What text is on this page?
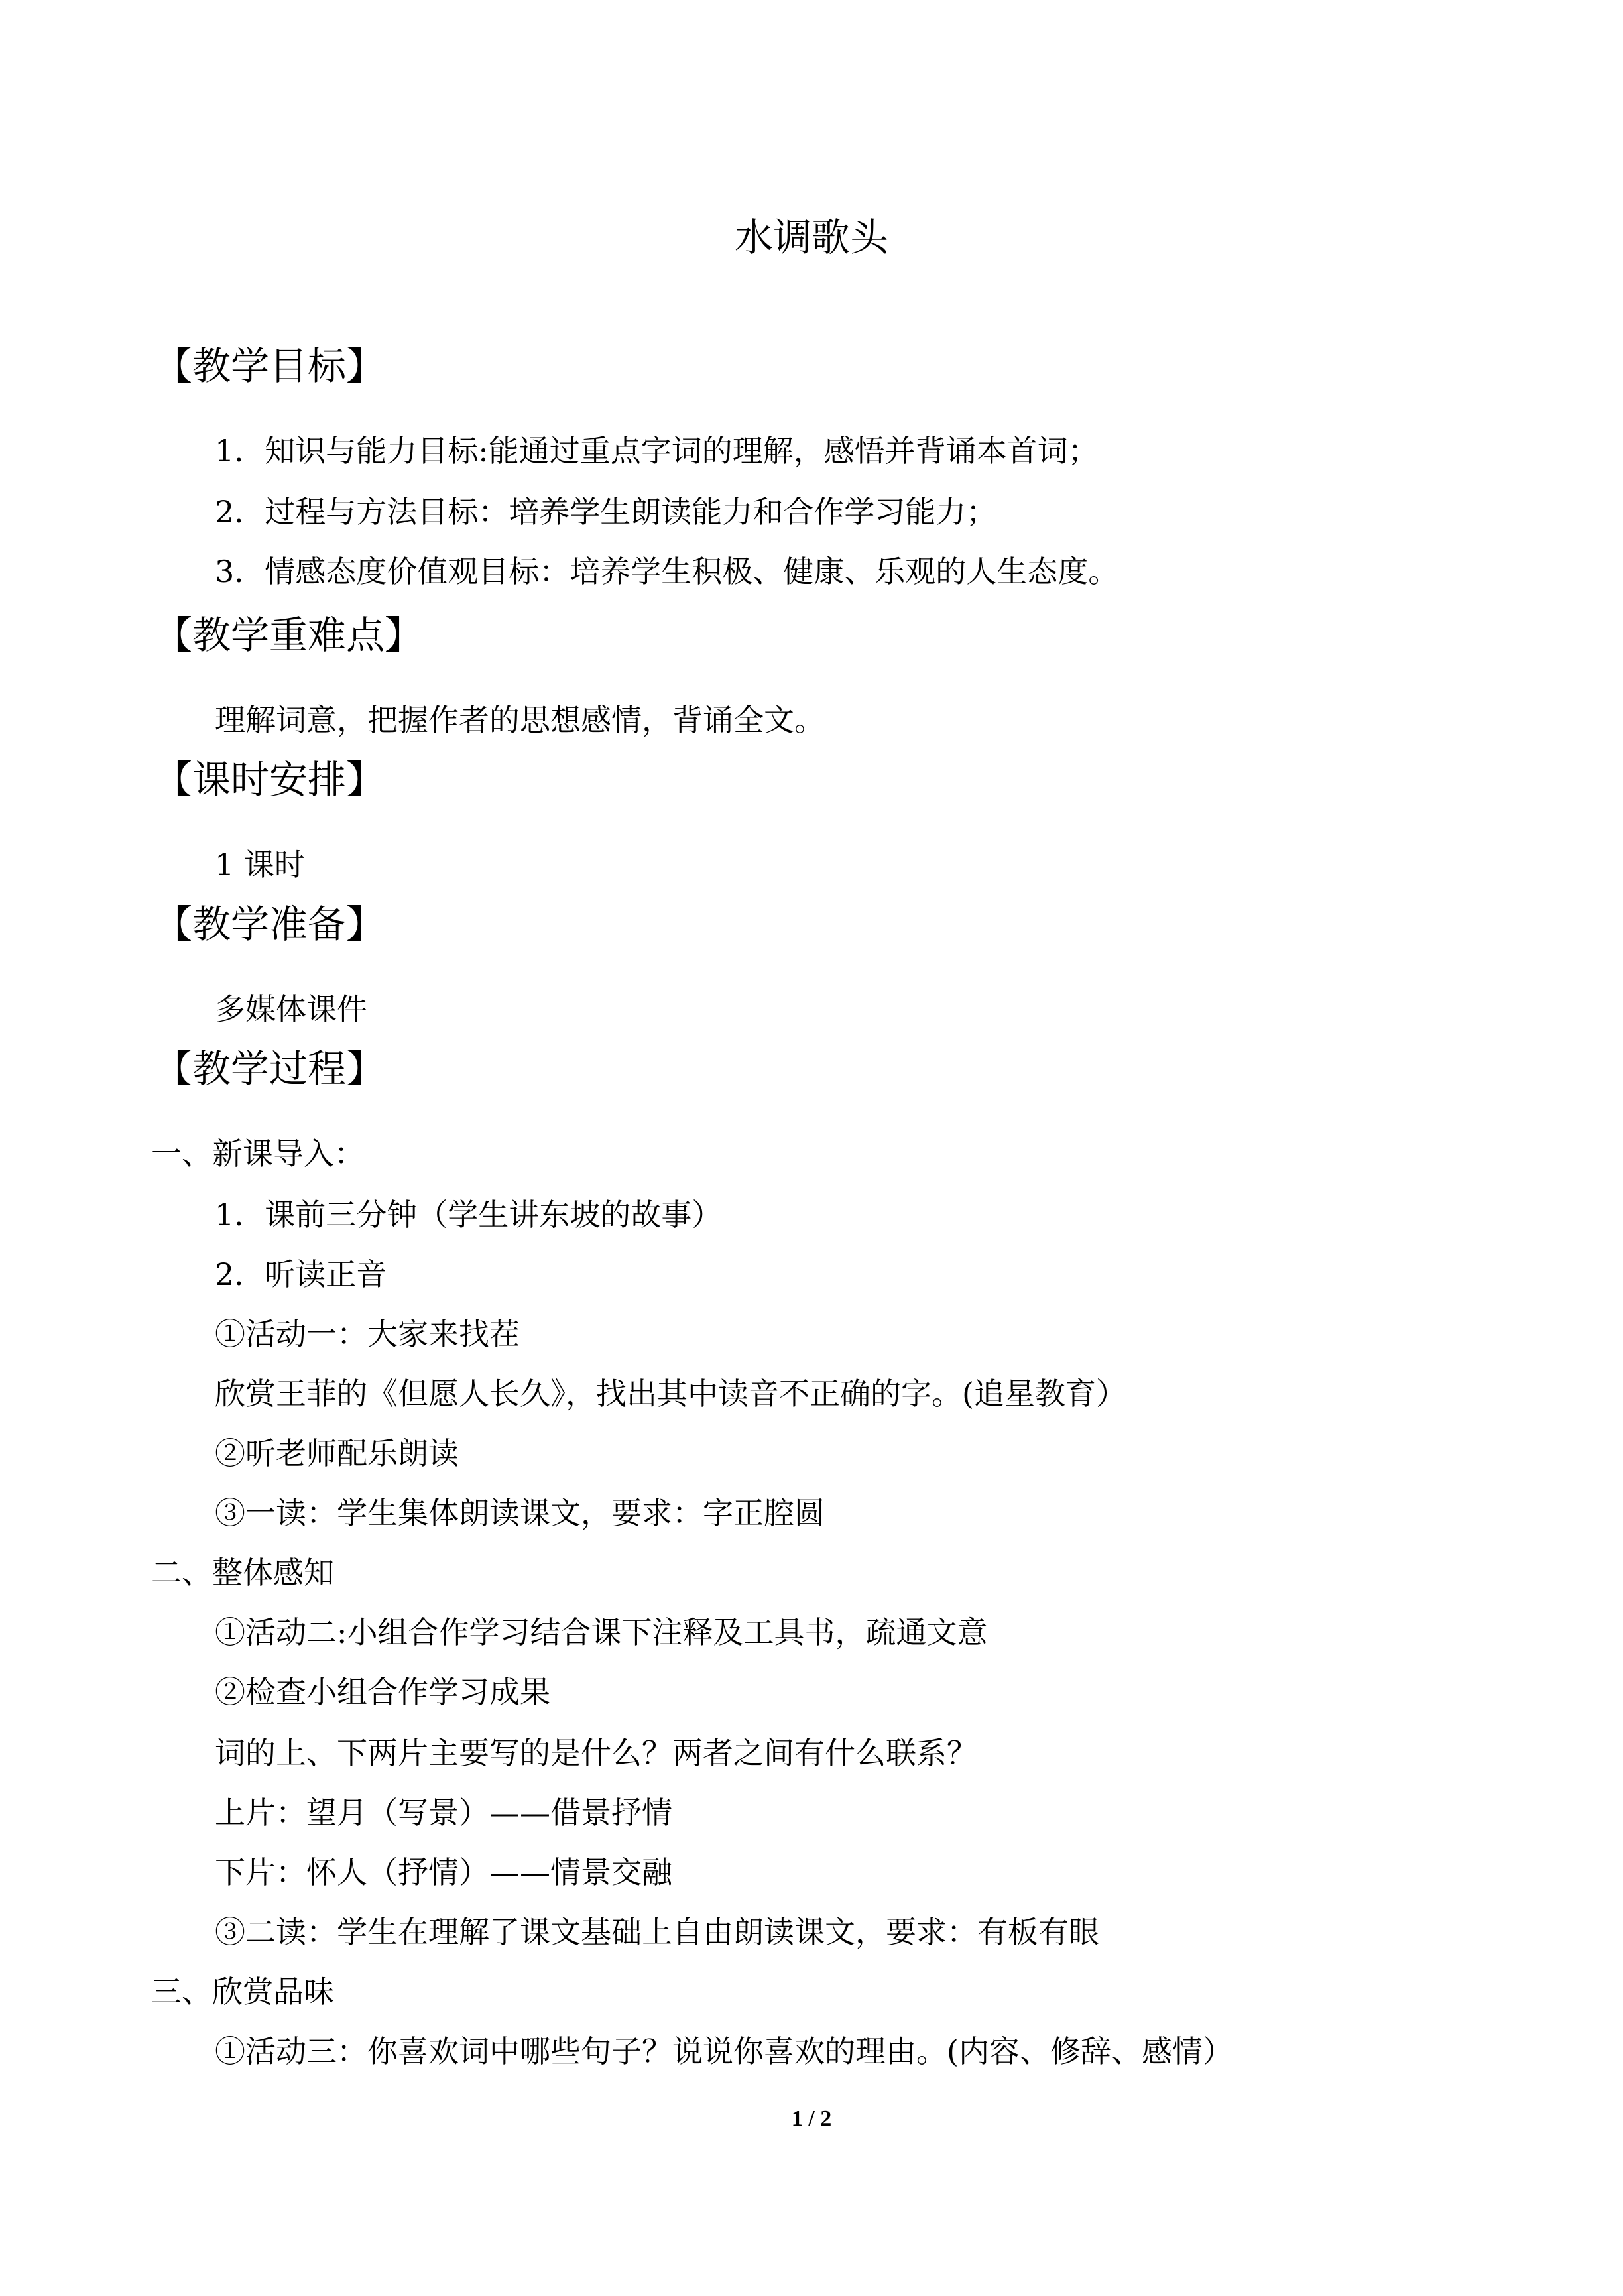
水调歌头
【教学目标】
1．知识与能力目标:能通过重点字词的理解，感悟并背诵本首词；
2．过程与方法目标：培养学生朗读能力和合作学习能力；
3．情感态度价值观目标：培养学生积极、健康、乐观的人生态度。
【教学重难点】
理解词意，把握作者的思想感情，背诵全文。
【课时安排】
1 课时
【教学准备】
多媒体课件
【教学过程】
一、新课导入：
1．课前三分钟（学生讲东坡的故事）
2．听读正音
①活动一：大家来找茬
欣赏王菲的《但愿人长久》，找出其中读音不正确的字。(追星教育）
②听老师配乐朗读
③一读：学生集体朗读课文，要求：字正腔圆
二、整体感知
①活动二:小组合作学习结合课下注释及工具书，疏通文意
②检查小组合作学习成果
词的上、下两片主要写的是什么？两者之间有什么联系？
上片：望月（写景）——借景抒情
下片：怀人（抒情）——情景交融
③二读：学生在理解了课文基础上自由朗读课文，要求：有板有眼
三、欣赏品味
①活动三：你喜欢词中哪些句子？说说你喜欢的理由。(内容、修辞、感情）
1 / 2
